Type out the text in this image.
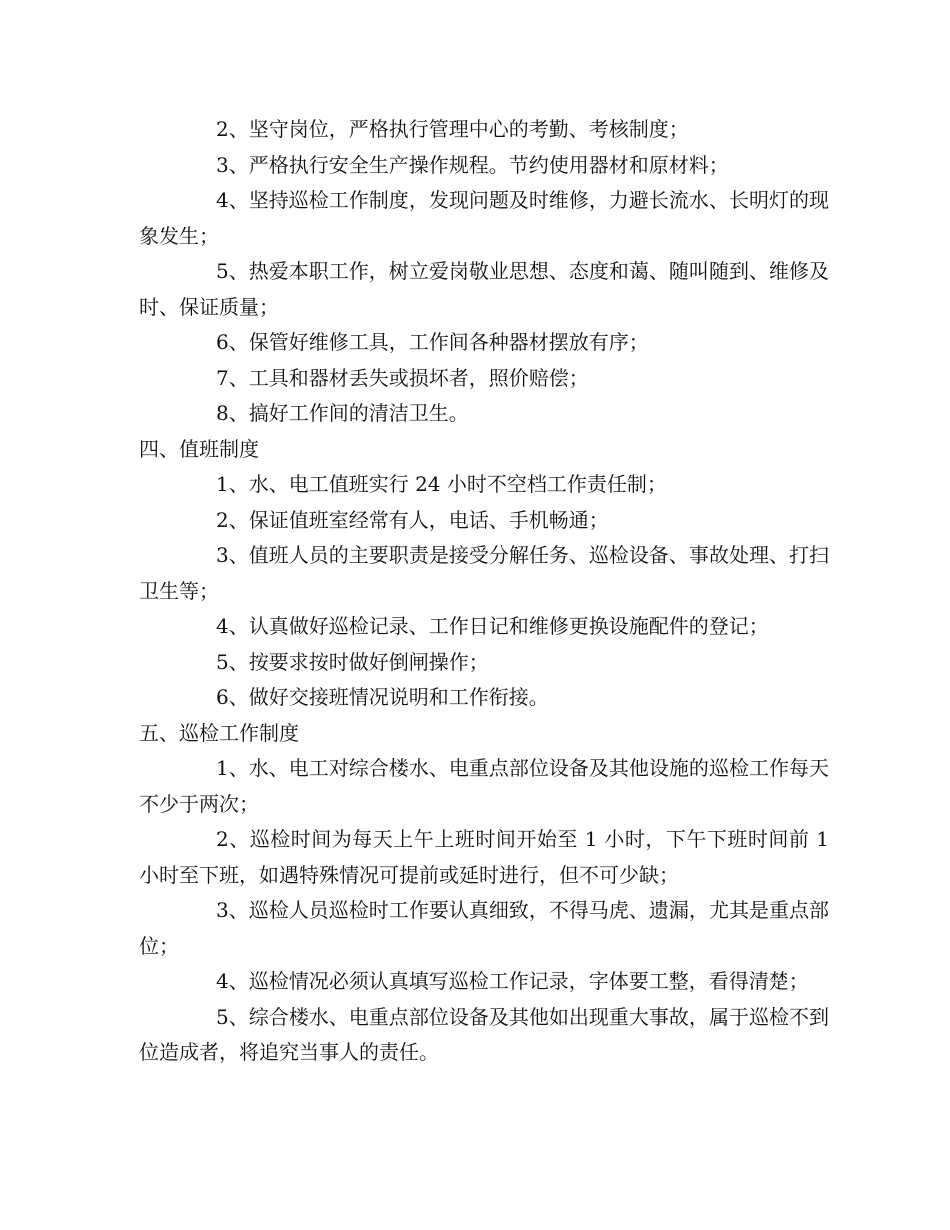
2、坚守岗位，严格执行管理中心的考勤、考核制度；

3、严格执行安全生产操作规程。节约使用器材和原材料；

4、坚持巡检工作制度，发现问题及时维修，力避长流水、长明灯的现象发生；

5、热爱本职工作，树立爱岗敬业思想、态度和蔼、随叫随到、维修及时、保证质量；

6、保管好维修工具，工作间各种器材摆放有序；

7、工具和器材丢失或损坏者，照价赔偿；

8、搞好工作间的清洁卫生。

四、值班制度

1、水、电工值班实行 24 小时不空档工作责任制；

2、保证值班室经常有人，电话、手机畅通；

3、值班人员的主要职责是接受分解任务、巡检设备、事故处理、打扫卫生等；

4、认真做好巡检记录、工作日记和维修更换设施配件的登记；

5、按要求按时做好倒闸操作；

6、做好交接班情况说明和工作衔接。

五、巡检工作制度

1、水、电工对综合楼水、电重点部位设备及其他设施的巡检工作每天不少于两次；

2、巡检时间为每天上午上班时间开始至 1 小时，下午下班时间前 1 小时至下班，如遇特殊情况可提前或延时进行，但不可少缺；

3、巡检人员巡检时工作要认真细致，不得马虎、遗漏，尤其是重点部位；

4、巡检情况必须认真填写巡检工作记录，字体要工整，看得清楚；

5、综合楼水、电重点部位设备及其他如出现重大事故，属于巡检不到位造成者，将追究当事人的责任。
